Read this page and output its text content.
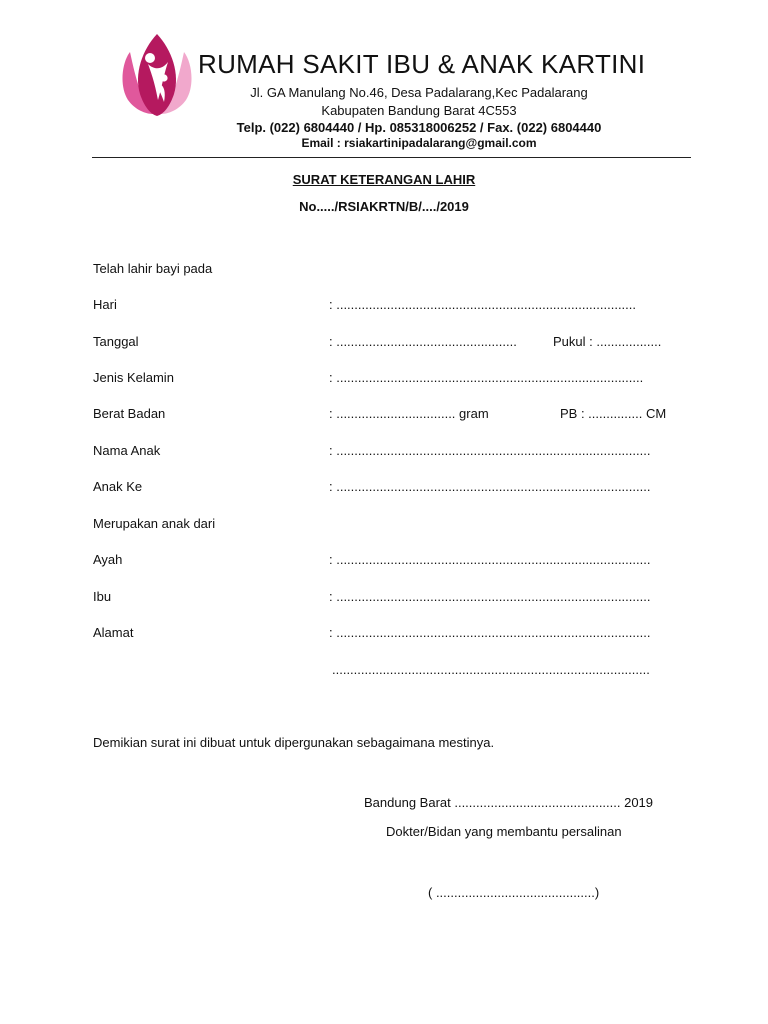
RUMAH SAKIT IBU & ANAK KARTINI
Jl. GA Manulang No.46, Desa Padalarang,Kec Padalarang
Kabupaten Bandung Barat 4C553
Telp. (022) 6804440 / Hp. 085318006252 / Fax. (022) 6804440
Email : rsiakartinipadalarang@gmail.com
SURAT KETERANGAN LAHIR
No...../RSIAKRTN/B/..../2019
Telah lahir bayi pada
Hari	: ...................................................................................
Tanggal	: ..................................................	Pukul : ..................
Jenis Kelamin	: .....................................................................................
Berat Badan	: ................................. gram	PB : ............... CM
Nama Anak	: .......................................................................................
Anak Ke	: .......................................................................................
Merupakan anak dari
Ayah	: .......................................................................................
Ibu	: .......................................................................................
Alamat	: .......................................................................................
........................................................................................
Demikian surat ini dibuat untuk dipergunakan sebagaimana mestinya.
Bandung Barat .............................................. 2019
Dokter/Bidan yang membantu persalinan
( ............................................)
